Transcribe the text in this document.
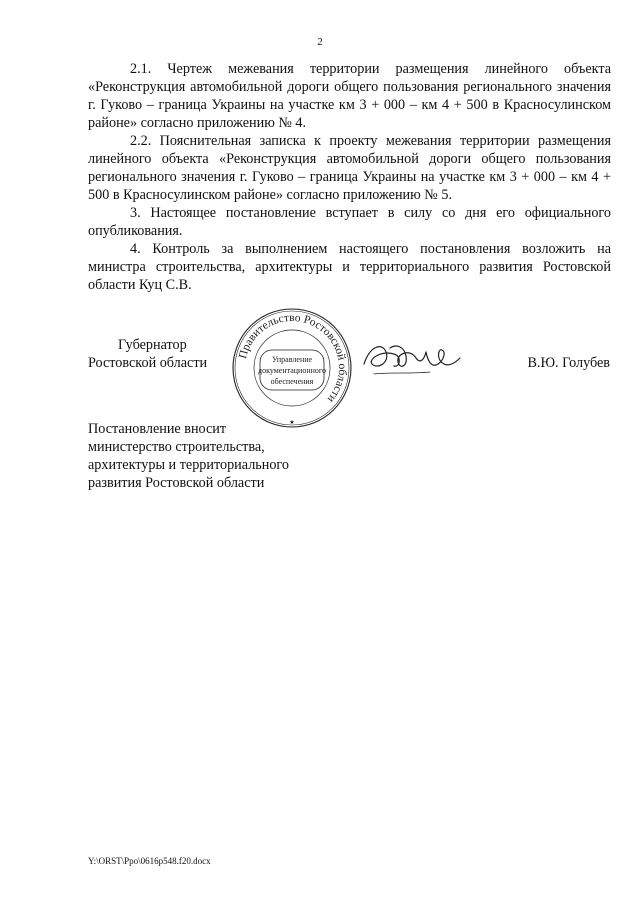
2

2.1. Чертеж межевания территории размещения линейного объекта «Реконструкция автомобильной дороги общего пользования регионального значения г. Гуково – граница Украины на участке км 3 + 000 – км 4 + 500 в Красносулинском районе» согласно приложению № 4.

2.2. Пояснительная записка к проекту межевания территории размещения линейного объекта «Реконструкция автомобильной дороги общего пользования регионального значения г. Гуково – граница Украины на участке км 3 + 000 – км 4 + 500 в Красносулинском районе» согласно приложению № 5.

3. Настоящее постановление вступает в силу со дня его официального опубликования.

4. Контроль за выполнением настоящего постановления возложить на министра строительства, архитектуры и территориального развития Ростовской области Куц С.В.

Губернатор
Ростовской области
Правительство Ростовской области
Управление
документационного
обеспечения
★
В.Ю. Голубев
Постановление вносит
министерство строительства,
архитектуры и территориального
развития Ростовской области
Y:\ORST\Ppo\0616p548.f20.docx
